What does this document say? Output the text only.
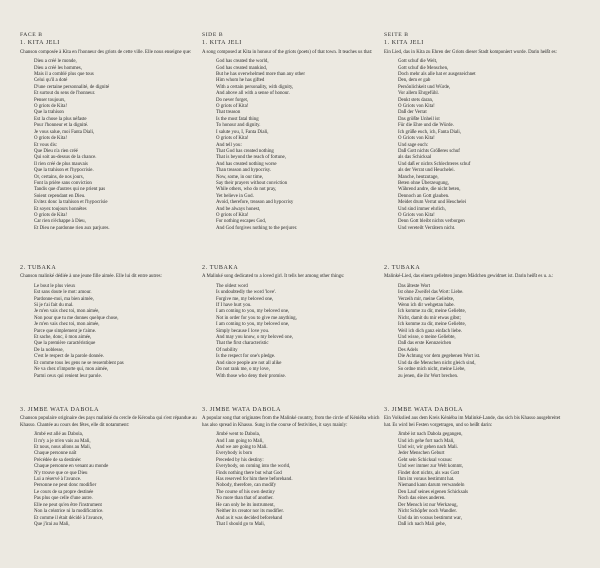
FACE B
1. KITA JELI
Chanson composée à Kita en l'honneur des griots de cette ville. Elle nous enseigne que:
Dieu a créé le monde,
Dieu a créé les hommes,
Mais il a comblé plus que tous
Celui qu'il a doté
D'une certaine personnalité, de dignité
Et surtout du sens de l'honneur.
Penser toujours,
O griots de Kita!
Que la trahison
Est la chose la plus néfaste
Pour l'honneur et la dignité.
Je vous salue, moi Fanta Diali,
O griots de Kita!
Et vous dis:
Que Dieu n'a rien créé
Qui soit au-dessus de la chance.
Il rien créé de plus mauvais
Que la trahison et l'hypocrisie.
Or, certains, de nos jours,
Font la prière sans conviction
Tandis que d'autres qui ne prient pas
Soient cependant en Dieu.
Evitez donc la trahison et l'hypocrisie
Et soyez toujours honnêtes
O griots de Kita!
Car rien n'échappe à Dieu,
Et Dieu ne pardonne rien aux parjures.
2. TUBAKA
Chanson malinké dédiée à une jeune fille aimée. Elle lui dit entre autres:
Le bout le plus vieux
Est sans doute le mot: amour.
Pardonne-moi, ma bien aimée,
Si je t'ai fait du mal.
Je m'en vais chez toi, mon aimée,
Non pour que tu me donnes quelque chose,
Je m'en vais chez toi, mon aimée,
Parce que simplement je t'aime.
Et sache, donc, ô mon aimée,
Que la première caractéristique
De la noblesse,
C'est le respect de la parole donnée.
Et comme tous les gens ne se ressemblent pas
Ne va chez n'importe qui, mon aimée,
Parmi ceux qui renient leur parole.
3. JIMBE WATA DABOLA
Chanson populaire originaire des pays malinké du cercle de Kérouba qui s'est répandue au Khasso. Chantée au cours des fêtes, elle dit notamment:
Jimbé est allé au Dabola,
Il m'y a je m'en vais au Mali,
Et nous, nous allons au Mali,
Chaque personne naît
Précédée de sa destinée:
Chaque personne en venant au monde
N'y trouve que ce que Dieu
Lui a réservé à l'avance.
Personne ne peut donc modifier
Le cours de sa propre destinée
Pas plus que celle d'une autre.
Elle ne peut qu'en être l'instrument
Non la créatrice ni la modificatrice.
Et comme il était décidé à l'avance,
Que j'irai au Mali,
SIDE B
1. KITA JELI
A song composed at Kita in honour of the griots (poets) of that town. It teaches us that:
God has created the world,
God has created mankind,
But he has overwhelmed more than any other
Him whom he has gifted
With a certain personality, with dignity,
And above all with a sense of honour.
Do never forget,
O griots of Kita!
That treason
Is the most fatal thing
To honour and dignity.
I salute you, I, Fanta Diali,
O griots of Kita!
And tell you:
That God has created nothing
That is beyond the reach of fortune,
And has created nothing worse
Than treason and hypocrisy.
Now, some, in our time,
Say their prayers without conviction
While others, who do not pray,
Yet believe in God.
Avoid, therefore, treason and hypocrisy
And be always honest,
O griots of Kita!
For nothing escapes God,
And God forgives nothing to the perjurer.
2. TUBAKA
A Malinké song dedicated to a loved girl. It tells her among other things:
The oldest word
Is undoubtedly the word 'love'.
Forgive me, my beloved one,
If I have hurt you.
I am coming to you, my beloved one,
Not in order for you to give me anything,
I am coming to you, my beloved one,
Simply because I love you.
And may you know, o my beloved one,
That the first characteristic
Of nobility
Is the respect for one's pledge.
And since people are not all alike
Do not rank me, o my love,
With those who deny their promise.
3. JIMBE WATA DABOLA
A popular song that originates from the Malinké country, from the circle of Kéniéba which has also spread in Khasso. Sung in the course of festivities, it says mainly:
Jimbé went to Dabola,
And I am going to Mali,
And we are going to Mali.
Everybody is born
Preceded by his destiny:
Everybody, on coming into the world,
Finds nothing there but what God
Has reserved for him there beforehand.
Nobody, therefore, can modify
The course of his own destiny
No more than that of another.
He can only be its instrument,
Neither its creator nor its modifier.
And as it was decided beforehand
That I should go to Mali,
SEITE B
1. KITA JELI
Ein Lied, das in Kita zu Ehren der Griots dieser Stadt komponiert wurde. Darin heißt es:
Gott schuf die Welt,
Gott schuf die Menschen,
Doch mehr als alle hat er ausgezeichnet
Den, dem er gab
Persönlichkeit und Würde,
Vor allem Ehrgefühl.
Denkt stets daran,
O Griots von Kita!
Daß der Verrat
Das größte Unheil ist
Für die Ehre und die Würde.
Ich grüße euch, ich, Fanta Diali,
O Griots von Kita!
Und sage euch:
Daß Gott nichts Größeres schuf
als das Schicksal
Und daß er nichts Schlechteres schuf
als der Verrat und Heuchelei.
Manche, heutzutage,
Beten ohne Überzeugung,
Während andre, die nicht beten,
Dennoch an Gott glauben.
Meidet drum Verrat und Heuchelei
Und sind immer ehrlich,
O Griots von Kita!
Denn Gott bleibt nichts verborgen
Und vereteilt Verrätern nicht.
2. TUBAKA
Malinké-Lied, das einem geliebten jungen Mädchen gewidmet ist. Darin heißt es u. a.:
Das älteste Wort
Ist ohne Zweifel das Wort: Liebe.
Verzeih mir, meine Geliebte,
Wenn ich dir wehgetan habe.
Ich komme zu dir, meine Geliebte,
Nicht, damit du mir etwas gibst;
Ich komme zu dir, meine Geliebte,
Weil ich dich ganz einfach liebe.
Und wisse, o meine Geliebte,
Daß das erste Kennzeichen
Des Adels
Die Achtung vor dem gegebenen Wort ist.
Und da die Menschen nicht gleich sind,
So ordne mich nicht, meine Liebe,
zu jenen, die ihr Wort brechen.
3. JIMBE WATA DABOLA
Ein Volkslied aus dem Kreis Kéniéba im Malinké-Lande, das sich bis Khasso ausgebreitet hat. Es wird bei Festen vorgetragen, und so heißt darin:
Jimbé ist nach Dabola gegangen,
Und ich gehe fort nach Mali,
Und wir, wir gehen nach Mali.
Jeder Menschen Geburt
Geht sein Schicksal voraus:
Und wer immer zur Welt kommt,
Findet dort nichts, als was Gott
Ihm im voraus bestimmt hat.
Niemand kann darum verwandeln
Den Lauf seines eigenen Schicksals
Noch das eines anderen.
Der Mensch ist nur Werkzeug,
Nicht Schöpfer noch Wandler.
Und da im voraus bestimmt war,
Daß ich nach Mali gehe,
